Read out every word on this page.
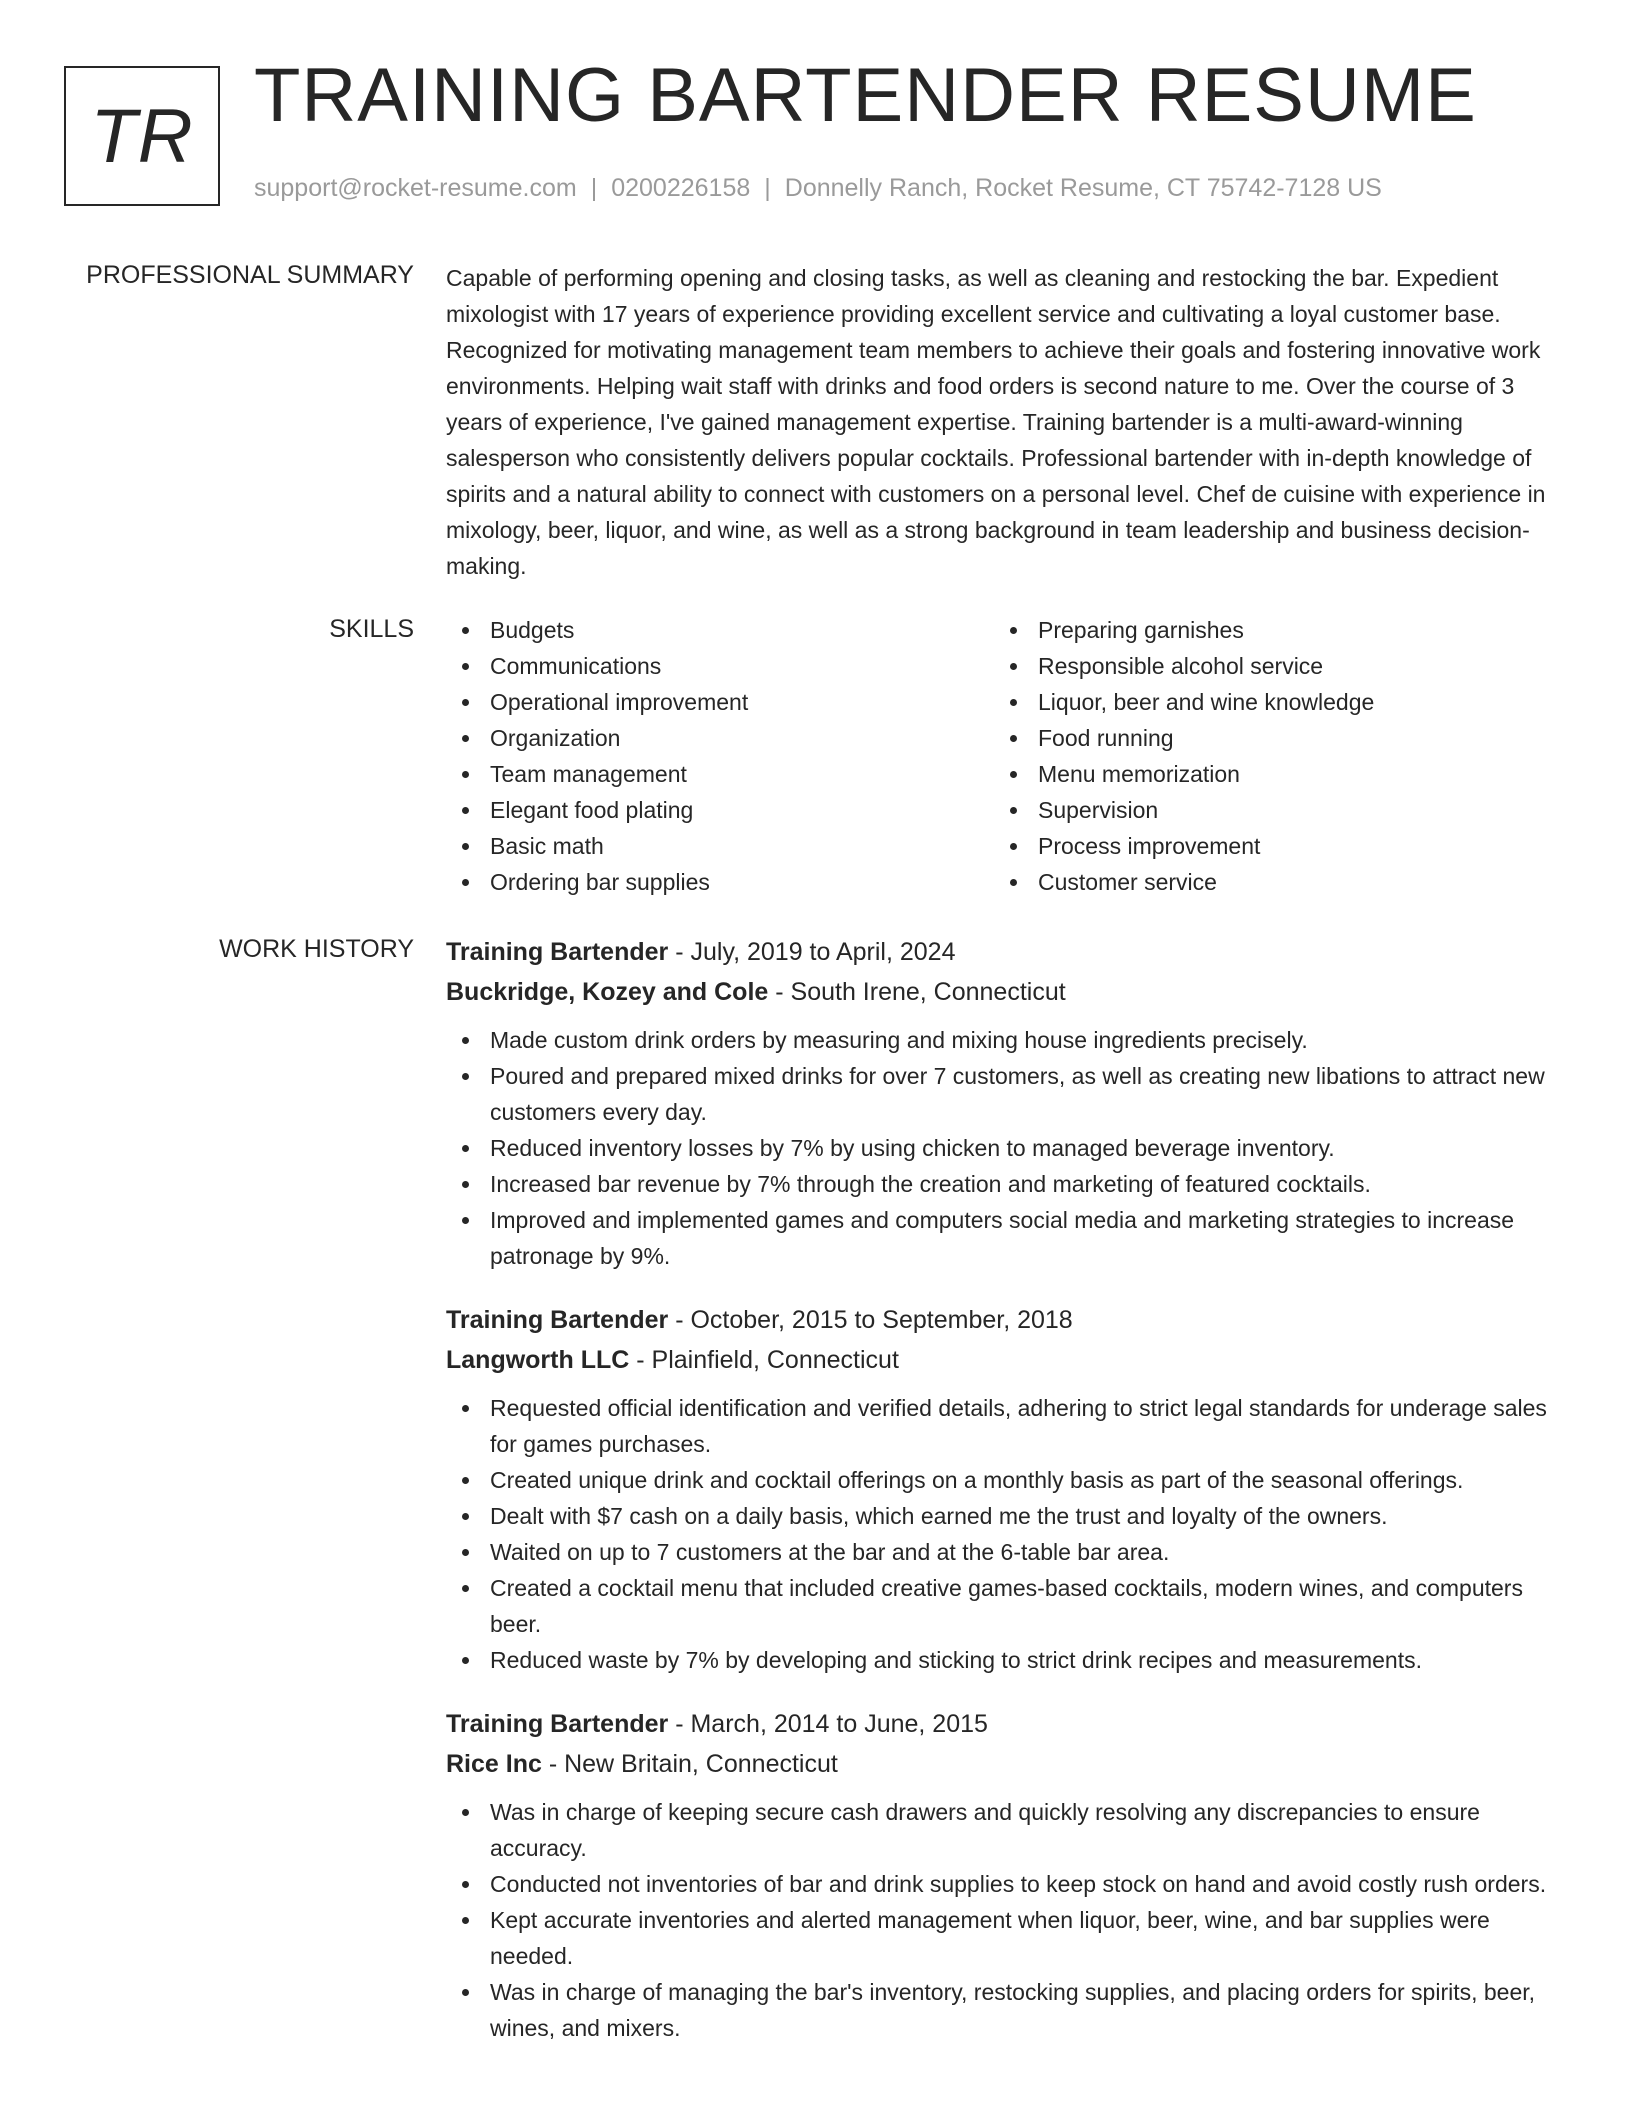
TR TRAINING BARTENDER RESUME
support@rocket-resume.com | 0200226158 | Donnelly Ranch, Rocket Resume, CT 75742-7128 US
PROFESSIONAL SUMMARY Capable of performing opening and closing tasks, as well as cleaning and restocking the bar. Expedient mixologist with 17 years of experience providing excellent service and cultivating a loyal customer base. Recognized for motivating management team members to achieve their goals and fostering innovative work environments. Helping wait staff with drinks and food orders is second nature to me. Over the course of 3 years of experience, I've gained management expertise. Training bartender is a multi-award-winning salesperson who consistently delivers popular cocktails. Professional bartender with in-depth knowledge of spirits and a natural ability to connect with customers on a personal level. Chef de cuisine with experience in mixology, beer, liquor, and wine, as well as a strong background in team leadership and business decision-making.

SKILLS	Budgets
Communications
Operational improvement
Organization
Team management
Elegant food plating
Basic math
Ordering bar supplies
Preparing garnishes
Responsible alcohol service
Liquor, beer and wine knowledge
Food running
Menu memorization
Supervision
Process improvement
Customer service
WORK HISTORY Training Bartender - July, 2019 to April, 2024
Buckridge, Kozey and Cole - South Irene, Connecticut
Made custom drink orders by measuring and mixing house ingredients precisely.
Poured and prepared mixed drinks for over 7 customers, as well as creating new libations to attract new customers every day.
Reduced inventory losses by 7% by using chicken to managed beverage inventory.
Increased bar revenue by 7% through the creation and marketing of featured cocktails.
Improved and implemented games and computers social media and marketing strategies to increase patronage by 9%.
Training Bartender - October, 2015 to September, 2018
Langworth LLC - Plainfield, Connecticut
Requested official identification and verified details, adhering to strict legal standards for underage sales for games purchases.
Created unique drink and cocktail offerings on a monthly basis as part of the seasonal offerings.
Dealt with $7 cash on a daily basis, which earned me the trust and loyalty of the owners.
Waited on up to 7 customers at the bar and at the 6-table bar area.
Created a cocktail menu that included creative games-based cocktails, modern wines, and computers beer.
Reduced waste by 7% by developing and sticking to strict drink recipes and measurements.
Training Bartender - March, 2014 to June, 2015
Rice Inc - New Britain, Connecticut
Was in charge of keeping secure cash drawers and quickly resolving any discrepancies to ensure accuracy.
Conducted not inventories of bar and drink supplies to keep stock on hand and avoid costly rush orders.
Kept accurate inventories and alerted management when liquor, beer, wine, and bar supplies were needed.
Was in charge of managing the bar's inventory, restocking supplies, and placing orders for spirits, beer, wines, and mixers.
